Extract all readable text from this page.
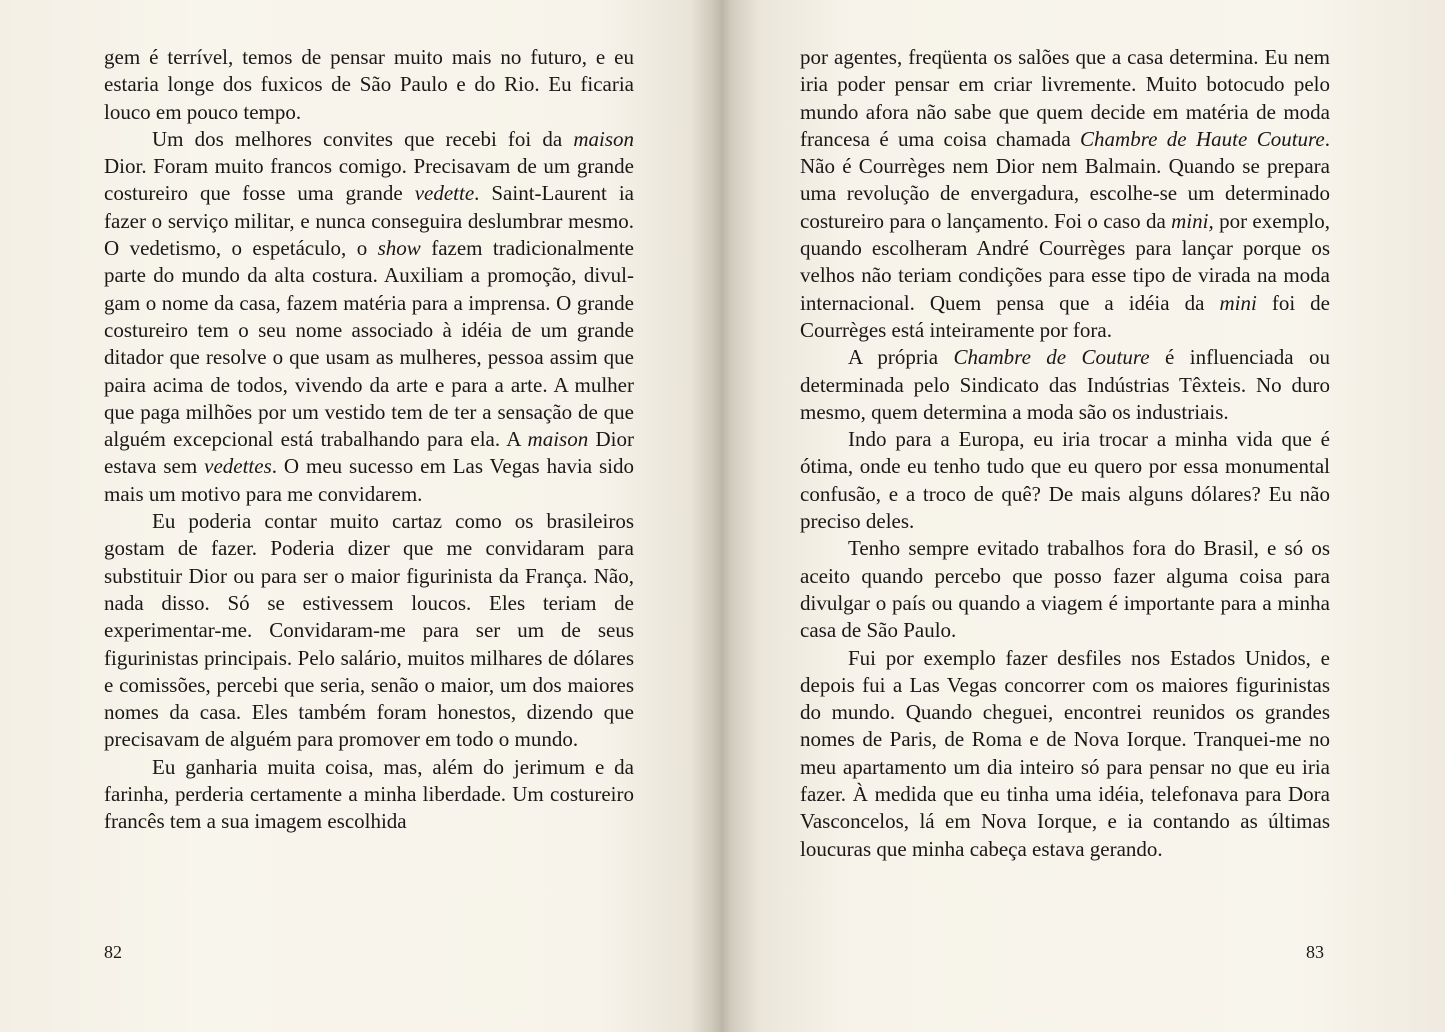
gem é terrível, temos de pensar muito mais no futuro, e eu estaria longe dos fuxicos de São Paulo e do Rio. Eu ficaria louco em pouco tempo.

Um dos melhores convites que recebi foi da maison Dior. Foram muito francos comigo. Precisavam de um grande costureiro que fosse uma grande vedette. Saint-Laurent ia fazer o serviço militar, e nunca conseguira deslumbrar mesmo. O vedetismo, o espetáculo, o show fazem tradicionalmente parte do mundo da alta costura. Auxiliam a promoção, divulgam o nome da casa, fazem matéria para a imprensa. O grande costureiro tem o seu nome associado à idéia de um grande ditador que resolve o que usam as mulheres, pessoa assim que paira acima de todos, vivendo da arte e para a arte. A mulher que paga milhões por um vestido tem de ter a sensação de que alguém excepcional está trabalhando para ela. A maison Dior estava sem vedettes. O meu sucesso em Las Vegas havia sido mais um motivo para me convidarem.

Eu poderia contar muito cartaz como os brasileiros gostam de fazer. Poderia dizer que me convidaram para substituir Dior ou para ser o maior figurinista da França. Não, nada disso. Só se estivessem loucos. Eles teriam de experimentar-me. Convidaram-me para ser um de seus figurinistas principais. Pelo salário, muitos milhares de dólares e comissões, percebi que seria, senão o maior, um dos maiores nomes da casa. Eles também foram honestos, dizendo que precisavam de alguém para promover em todo o mundo.

Eu ganharia muita coisa, mas, além do jerimum e da farinha, perderia certamente a minha liberdade. Um costureiro francês tem a sua imagem escolhida

82

por agentes, freqüenta os salões que a casa determina. Eu nem iria poder pensar em criar livremente. Muito botocudo pelo mundo afora não sabe que quem decide em matéria de moda francesa é uma coisa chamada Chambre de Haute Couture. Não é Courrèges nem Dior nem Balmain. Quando se prepara uma revolução de envergadura, escolhe-se um determinado costureiro para o lançamento. Foi o caso da mini, por exemplo, quando escolheram André Courrèges para lançar porque os velhos não teriam condições para esse tipo de virada na moda internacional. Quem pensa que a idéia da mini foi de Courrèges está inteiramente por fora.

A própria Chambre de Couture é influenciada ou determinada pelo Sindicato das Indústrias Têxteis. No duro mesmo, quem determina a moda são os industriais.

Indo para a Europa, eu iria trocar a minha vida que é ótima, onde eu tenho tudo que eu quero por essa monumental confusão, e a troco de quê? De mais alguns dólares? Eu não preciso deles.

Tenho sempre evitado trabalhos fora do Brasil, e só os aceito quando percebo que posso fazer alguma coisa para divulgar o país ou quando a viagem é importante para a minha casa de São Paulo.

Fui por exemplo fazer desfiles nos Estados Unidos, e depois fui a Las Vegas concorrer com os maiores figurinistas do mundo. Quando cheguei, encontrei reunidos os grandes nomes de Paris, de Roma e de Nova Iorque. Tranquei-me no meu apartamento um dia inteiro só para pensar no que eu iria fazer. À medida que eu tinha uma idéia, telefonava para Dora Vasconcelos, lá em Nova Iorque, e ia contando as últimas loucuras que minha cabeça estava gerando.

83
